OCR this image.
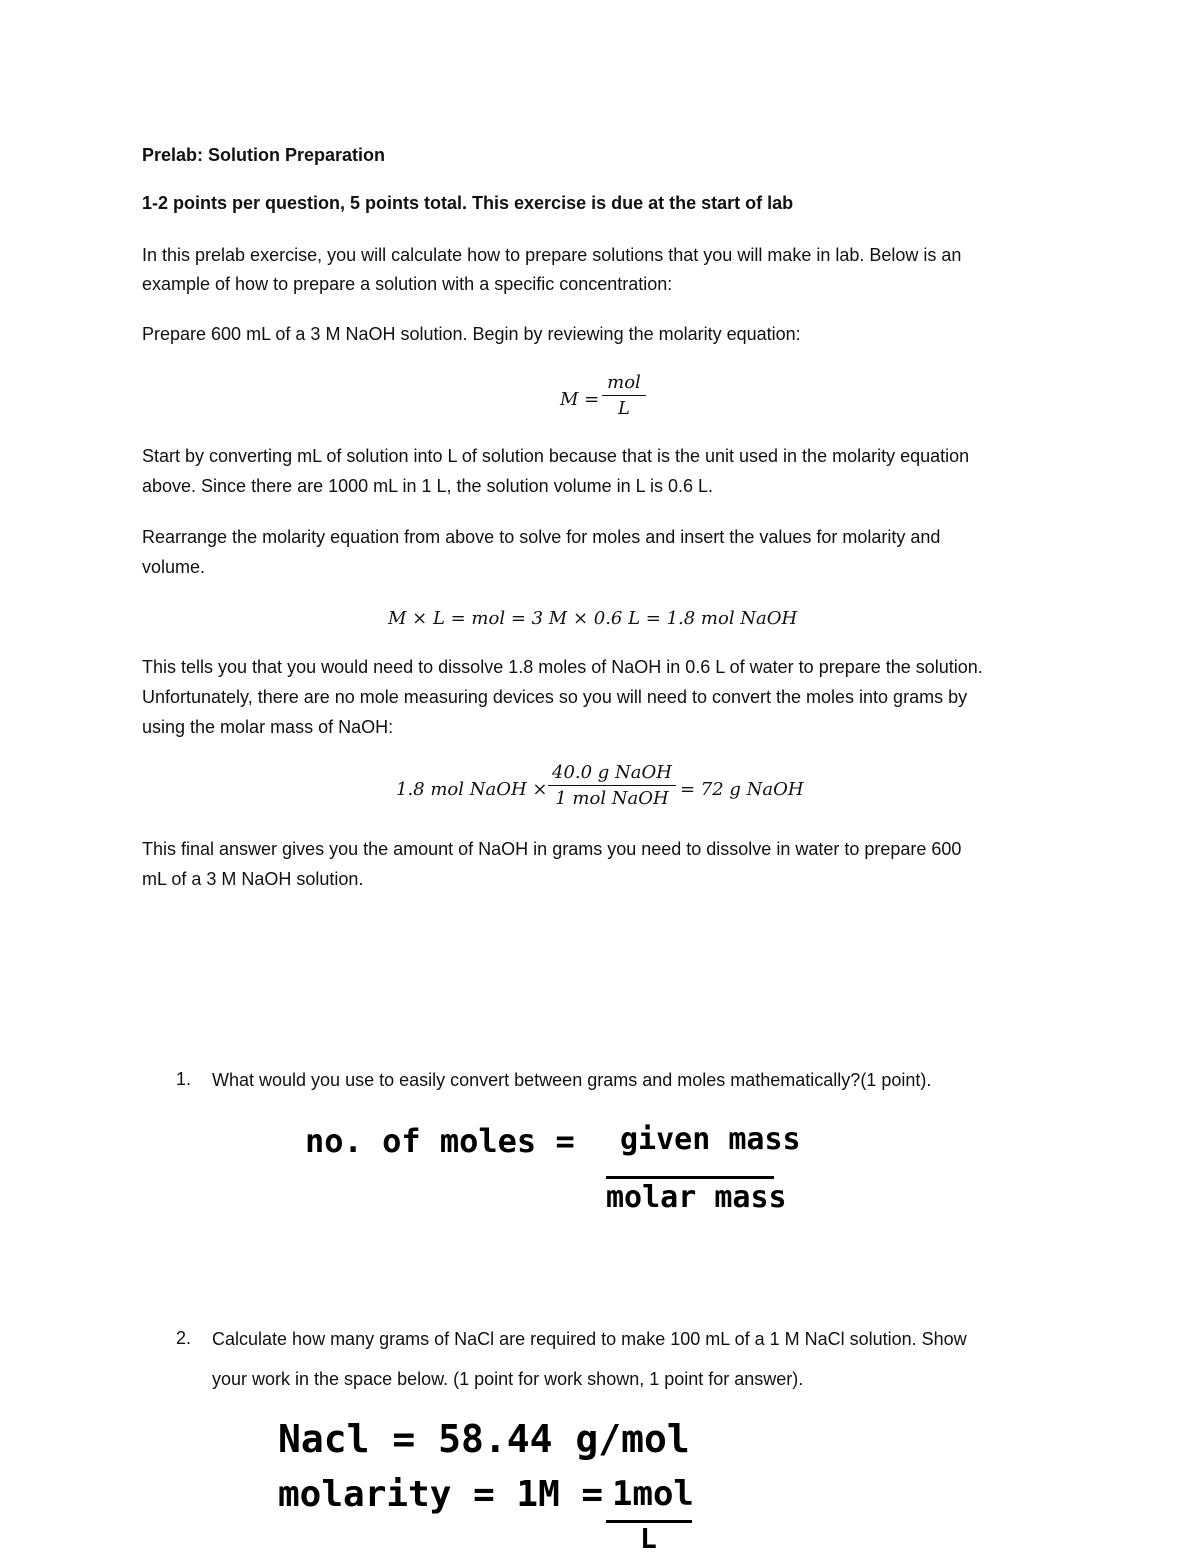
Prelab: Solution Preparation
1-2 points per question, 5 points total. This exercise is due at the start of lab
In this prelab exercise, you will calculate how to prepare solutions that you will make in lab. Below is an
example of how to prepare a solution with a specific concentration:
Prepare 600 mL of a 3 M NaOH solution. Begin by reviewing the molarity equation:
M =
mol
L
Start by converting mL of solution into L of solution because that is the unit used in the molarity equation
above. Since there are 1000 mL in 1 L, the solution volume in L is 0.6 L.
Rearrange the molarity equation from above to solve for moles and insert the values for molarity and
volume.
M × L = mol = 3 M × 0.6 L = 1.8 mol NaOH
This tells you that you would need to dissolve 1.8 moles of NaOH in 0.6 L of water to prepare the solution.
Unfortunately, there are no mole measuring devices so you will need to convert the moles into grams by
using the molar mass of NaOH:
1.8 mol NaOH ×
40.0 g NaOH
1 mol NaOH = 72 g NaOH
This final answer gives you the amount of NaOH in grams you need to dissolve in water to prepare 600
mL of a 3 M NaOH solution.
1. What would you use to easily convert between grams and moles mathematically?(1 point).
no. of moles = given mass
molar mass
2. Calculate how many grams of NaCl are required to make 100 mL of a 1 M NaCl solution. Show
your work in the space below. (1 point for work shown, 1 point for answer).
Nacl = 58.44 g/mol
molarity = 1M = 1mol
L
